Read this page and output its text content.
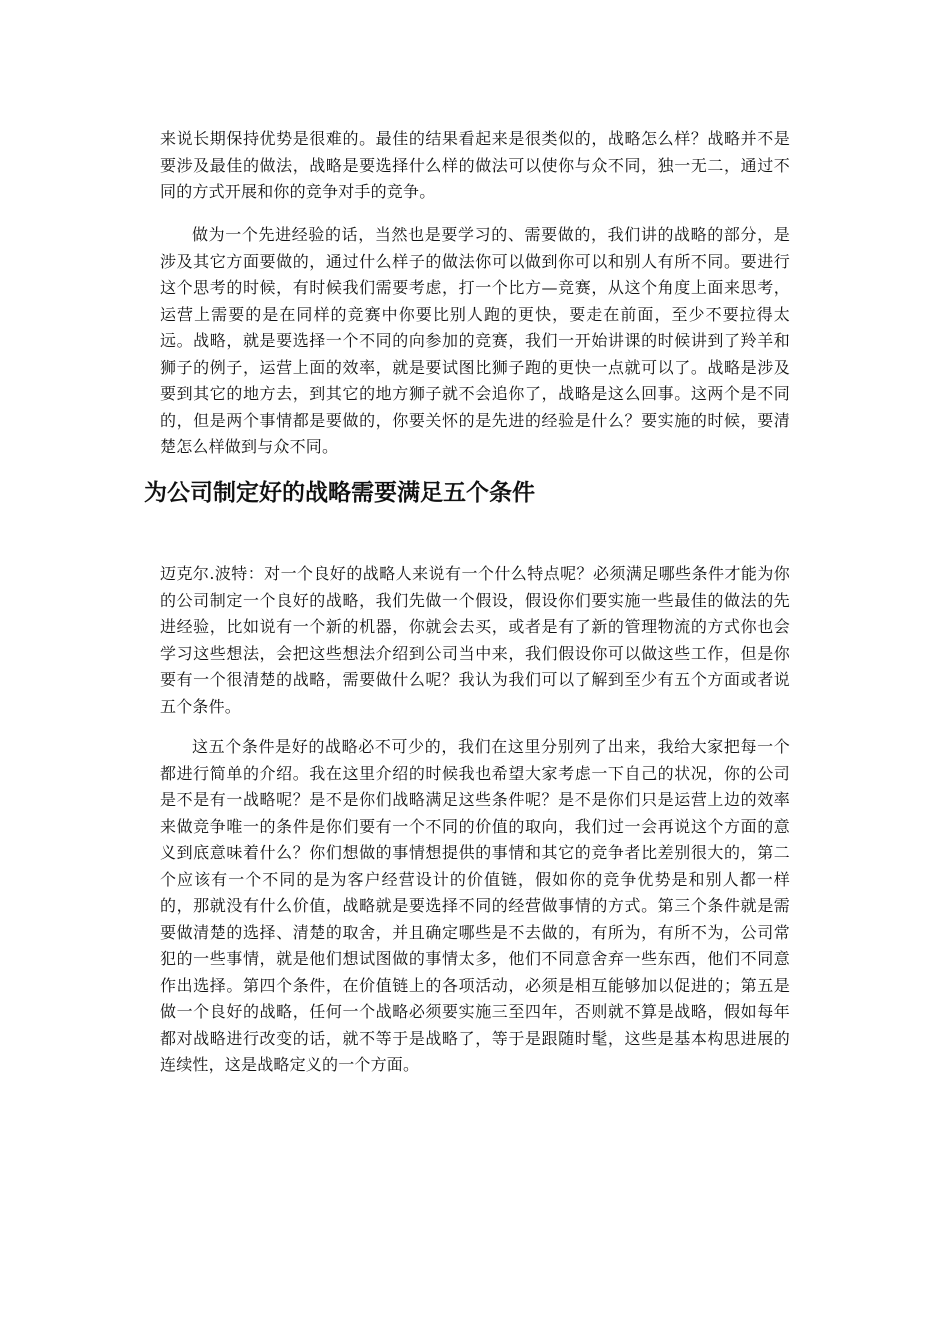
来说长期保持优势是很难的。最佳的结果看起来是很类似的，战略怎么样？战略并不是要涉及最佳的做法，战略是要选择什么样的做法可以使你与众不同，独一无二，通过不同的方式开展和你的竞争对手的竞争。

做为一个先进经验的话，当然也是要学习的、需要做的，我们讲的战略的部分，是涉及其它方面要做的，通过什么样子的做法你可以做到你可以和别人有所不同。要进行这个思考的时候，有时候我们需要考虑，打一个比方—竞赛，从这个角度上面来思考，运营上需要的是在同样的竞赛中你要比别人跑的更快，要走在前面，至少不要拉得太远。战略，就是要选择一个不同的向参加的竞赛，我们一开始讲课的时候讲到了羚羊和狮子的例子，运营上面的效率，就是要试图比狮子跑的更快一点就可以了。战略是涉及要到其它的地方去，到其它的地方狮子就不会追你了，战略是这么回事。这两个是不同的，但是两个事情都是要做的，你要关怀的是先进的经验是什么？要实施的时候，要清楚怎么样做到与众不同。

为公司制定好的战略需要满足五个条件

迈克尔.波特：对一个良好的战略人来说有一个什么特点呢？必须满足哪些条件才能为你的公司制定一个良好的战略，我们先做一个假设，假设你们要实施一些最佳的做法的先进经验，比如说有一个新的机器，你就会去买，或者是有了新的管理物流的方式你也会学习这些想法，会把这些想法介绍到公司当中来，我们假设你可以做这些工作，但是你要有一个很清楚的战略，需要做什么呢？我认为我们可以了解到至少有五个方面或者说五个条件。

这五个条件是好的战略必不可少的，我们在这里分别列了出来，我给大家把每一个都进行简单的介绍。我在这里介绍的时候我也希望大家考虑一下自己的状况，你的公司是不是有一战略呢？是不是你们战略满足这些条件呢？是不是你们只是运营上边的效率来做竞争唯一的条件是你们要有一个不同的价值的取向，我们过一会再说这个方面的意义到底意味着什么？你们想做的事情想提供的事情和其它的竞争者比差别很大的，第二个应该有一个不同的是为客户经营设计的价值链，假如你的竞争优势是和别人都一样的，那就没有什么价值，战略就是要选择不同的经营做事情的方式。第三个条件就是需要做清楚的选择、清楚的取舍，并且确定哪些是不去做的，有所为，有所不为，公司常犯的一些事情，就是他们想试图做的事情太多，他们不同意舍弃一些东西，他们不同意作出选择。第四个条件，在价值链上的各项活动，必须是相互能够加以促进的；第五是做一个良好的战略，任何一个战略必须要实施三至四年，否则就不算是战略，假如每年都对战略进行改变的话，就不等于是战略了，等于是跟随时髦，这些是基本构思进展的连续性，这是战略定义的一个方面。
